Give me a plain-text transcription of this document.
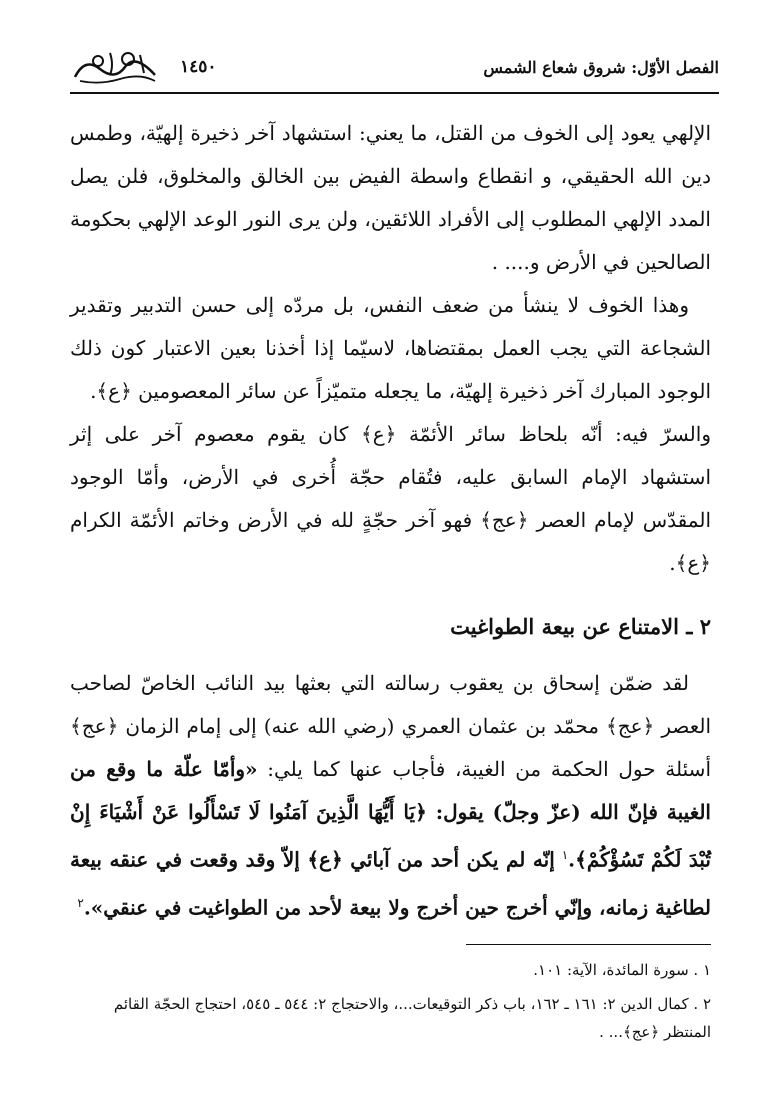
الفصل الأوّل: شروق شعاع الشمس
١٤٥٠

الإلهي يعود إلى الخوف من القتل، ما يعني: استشهاد آخر ذخيرة إلهيّة، وطمس دين الله الحقيقي، و انقطاع واسطة الفيض بين الخالق والمخلوق، فلن يصل المدد الإلهي المطلوب إلى الأفراد اللائقين، ولن يرى النور الوعد الإلهي بحكومة الصالحين في الأرض و.... .

وهذا الخوف لا ينشأ من ضعف النفس، بل مردّه إلى حسن التدبير وتقدير الشجاعة التي يجب العمل بمقتضاها، لاسيّما إذا أخذنا بعين الاعتبار كون ذلك الوجود المبارك آخر ذخيرة إلهيّة، ما يجعله متميّزاً عن سائر المعصومين ﴿ع﴾.

والسرّ فيه: أنّه بلحاظ سائر الأئمّة ﴿ع﴾ كان يقوم معصوم آخر على إثر استشهاد الإمام السابق عليه، فتُقام حجّة أُخرى في الأرض، وأمّا الوجود المقدّس لإمام العصر ﴿عج﴾ فهو آخر حجّةٍ لله في الأرض وخاتم الأئمّة الكرام ﴿ع﴾.

٢ ـ الامتناع عن بيعة الطواغيت

لقد ضمّن إسحاق بن يعقوب رسالته التي بعثها بيد النائب الخاصّ لصاحب العصر ﴿عج﴾ محمّد بن عثمان العمري (رضي الله عنه) إلى إمام الزمان ﴿عج﴾ أسئلة حول الحكمة من الغيبة، فأجاب عنها كما يلي: «وأمّا علّة ما وقع من الغيبة فإنّ الله (عزّ وجلّ) يقول: ﴿يَا أَيُّهَا الَّذِينَ آمَنُوا لَا تَسْأَلُوا عَنْ أَشْيَاءَ إِنْ تُبْدَ لَكُمْ تَسُؤْكُمْ﴾.$^١$ إنّه لم يكن أحد من آبائي ﴿ع﴾ إلاّ وقد وقعت في عنقه بيعة لطاغية زمانه، وإنّي أخرج حين أخرج ولا بيعة لأحد من الطواغيت في عنقي».$^٢$

١ . سورة المائدة، الآية: ١٠١.

٢ . كمال الدين ٢: ١٦١ ـ ١٦٢، باب ذكر التوقيعات...، والاحتجاج ٢: ٥٤٤ ـ ٥٤٥، احتجاج الحجّة القائم المنتظر ﴿عج﴾... .
